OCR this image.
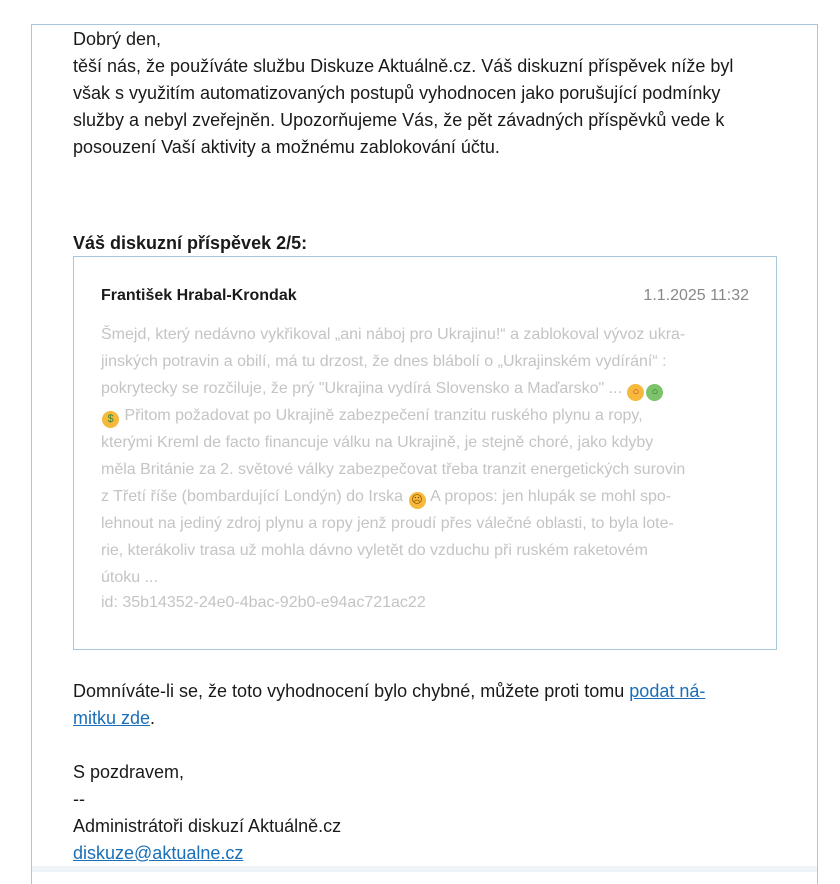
Dobrý den,
těší nás, že používáte službu Diskuze Aktuálně.cz. Váš diskuzní příspěvek níže byl
však s využitím automatizovaných postupů vyhodnocen jako porušující podmínky
služby a nebyl zveřejněn. Upozorňujeme Vás, že pět závadných příspěvků vede k
posouzení Vaší aktivity a možnému zablokování účtu.
Váš diskuzní příspěvek 2/5:
František Hrabal-Krondak	1.1.2025 11:32
Šmejd, který nedávno vykřikoval „ani náboj pro Ukrajinu!“ a zablokoval vývoz ukra-
jinských potravin a obilí, má tu drzost, že dnes blábolí o „Ukrajinském vydírání“ :
pokrytecky se rozčiluje, že prý "Ukrajina vydírá Slovensko a Maďarsko" ... ○ ○
$ Přitom požadovat po Ukrajině zabezpečení tranzitu ruského plynu a ropy,
kterými Kreml de facto financuje válku na Ukrajině, je stejně choré, jako kdyby
měla Británie za 2. světové války zabezpečovat třeba tranzit energetických surovin
z Třetí říše (bombardující Londýn) do Irska ☹ A propos: jen hlupák se mohl spo-
lehnout na jediný zdroj plynu a ropy jenž proudí přes válečné oblasti, to byla lote-
rie, kterákoliv trasa už mohla dávno vyletět do vzduchu při ruském raketovém
útoku ...
id: 35b14352-24e0-4bac-92b0-e94ac721ac22
Domníváte-li se, že toto vyhodnocení bylo chybné, můžete proti tomu podat ná-
mitku zde.
S pozdravem,
--
Administrátoři diskuzí Aktuálně.cz
diskuze@aktualne.cz
